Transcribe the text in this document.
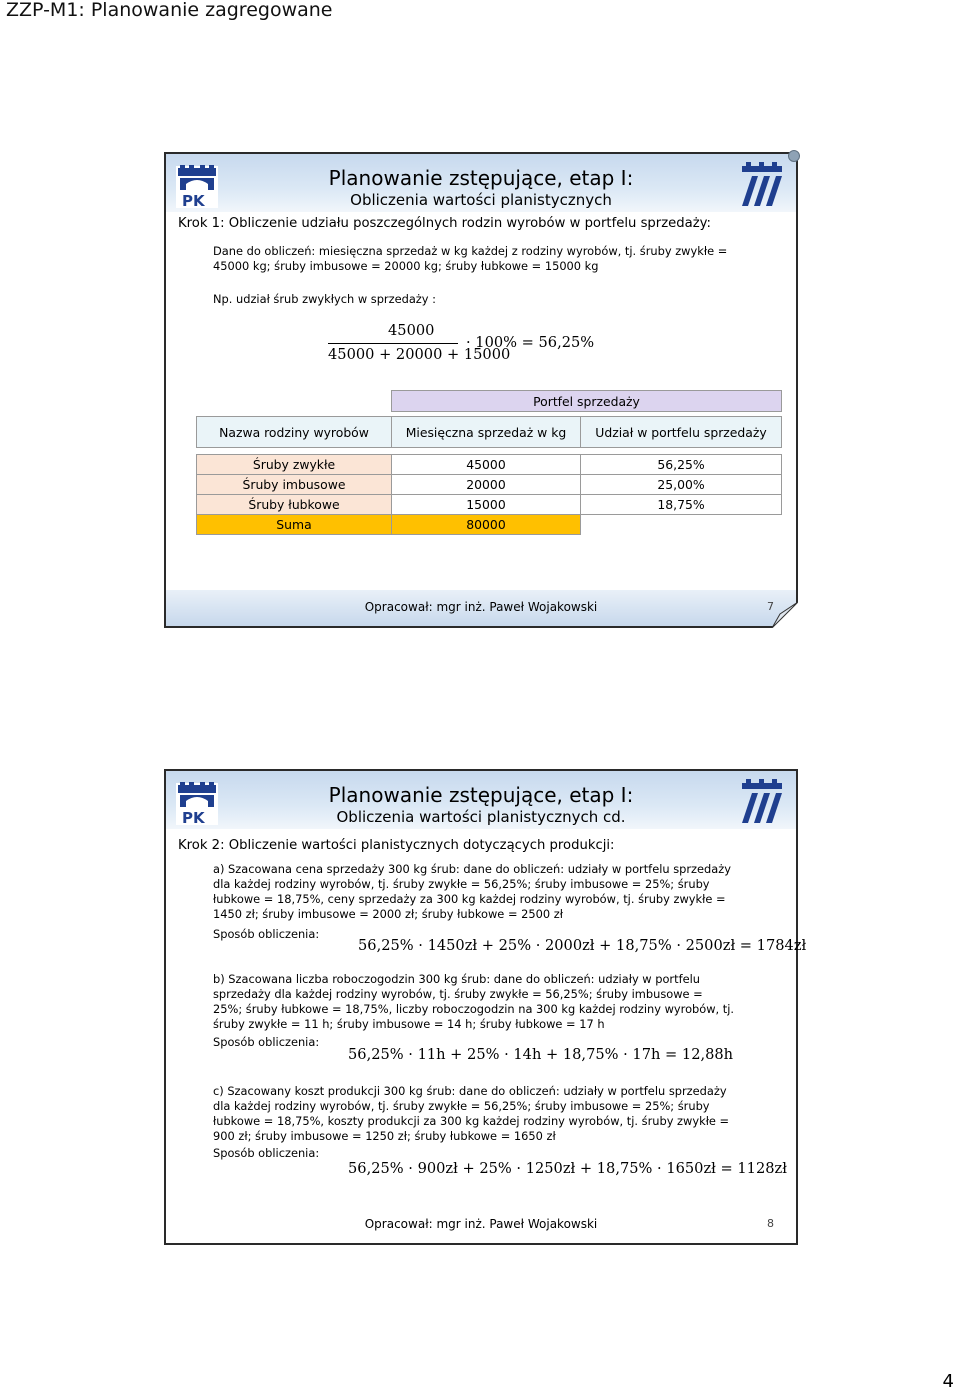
ZZP-M1: Planowanie zagregowane
PK
Planowanie zstępujące, etap I:
Obliczenia wartości planistycznych
Krok 1: Obliczenie udziału poszczególnych rodzin wyrobów w portfelu sprzedaży:
Dane do obliczeń: miesięczna sprzedaż w kg każdej z rodziny wyrobów, tj. śruby zwykłe =
45000 kg; śruby imbusowe = 20000 kg; śruby łubkowe = 15000 kg
Np. udział śrub zwykłych w sprzedaży :
45000
45000 + 20000 + 15000
· 100% = 56,25%
	Portfel sprzedaży	

Nazwa rodziny wyrobów	Miesięczna sprzedaż w kg	Udział w portfelu sprzedaży

Śruby zwykłe	45000	56,25%
Śruby imbusowe	20000	25,00%
Śruby łubkowe	15000	18,75%
Suma	80000	
Opracował: mgr inż. Paweł Wojakowski	7
PK
Planowanie zstępujące, etap I:
Obliczenia wartości planistycznych cd.
Krok 2: Obliczenie wartości planistycznych dotyczących produkcji:
a) Szacowana cena sprzedaży 300 kg śrub: dane do obliczeń: udziały w portfelu sprzedaży
dla każdej rodziny wyrobów, tj. śruby zwykłe = 56,25%; śruby imbusowe = 25%; śruby
łubkowe = 18,75%, ceny sprzedaży za 300 kg każdej rodziny wyrobów, tj. śruby zwykłe =
1450 zł; śruby imbusowe = 2000 zł; śruby łubkowe = 2500 zł
Sposób obliczenia:
56,25% · 1450zł + 25% · 2000zł + 18,75% · 2500zł = 1784zł
b) Szacowana liczba roboczogodzin 300 kg śrub: dane do obliczeń: udziały w portfelu
sprzedaży dla każdej rodziny wyrobów, tj. śruby zwykłe = 56,25%; śruby imbusowe =
25%; śruby łubkowe = 18,75%, liczby roboczogodzin na 300 kg każdej rodziny wyrobów, tj.
śruby zwykłe = 11 h; śruby imbusowe = 14 h; śruby łubkowe = 17 h
Sposób obliczenia:
56,25% · 11h + 25% · 14h + 18,75% · 17h = 12,88h
c) Szacowany koszt produkcji 300 kg śrub: dane do obliczeń: udziały w portfelu sprzedaży
dla każdej rodziny wyrobów, tj. śruby zwykłe = 56,25%; śruby imbusowe = 25%; śruby
łubkowe = 18,75%, koszty produkcji za 300 kg każdej rodziny wyrobów, tj. śruby zwykłe =
900 zł; śruby imbusowe = 1250 zł; śruby łubkowe = 1650 zł
Sposób obliczenia:
56,25% · 900zł + 25% · 1250zł + 18,75% · 1650zł = 1128zł
Opracował: mgr inż. Paweł Wojakowski	8
4
